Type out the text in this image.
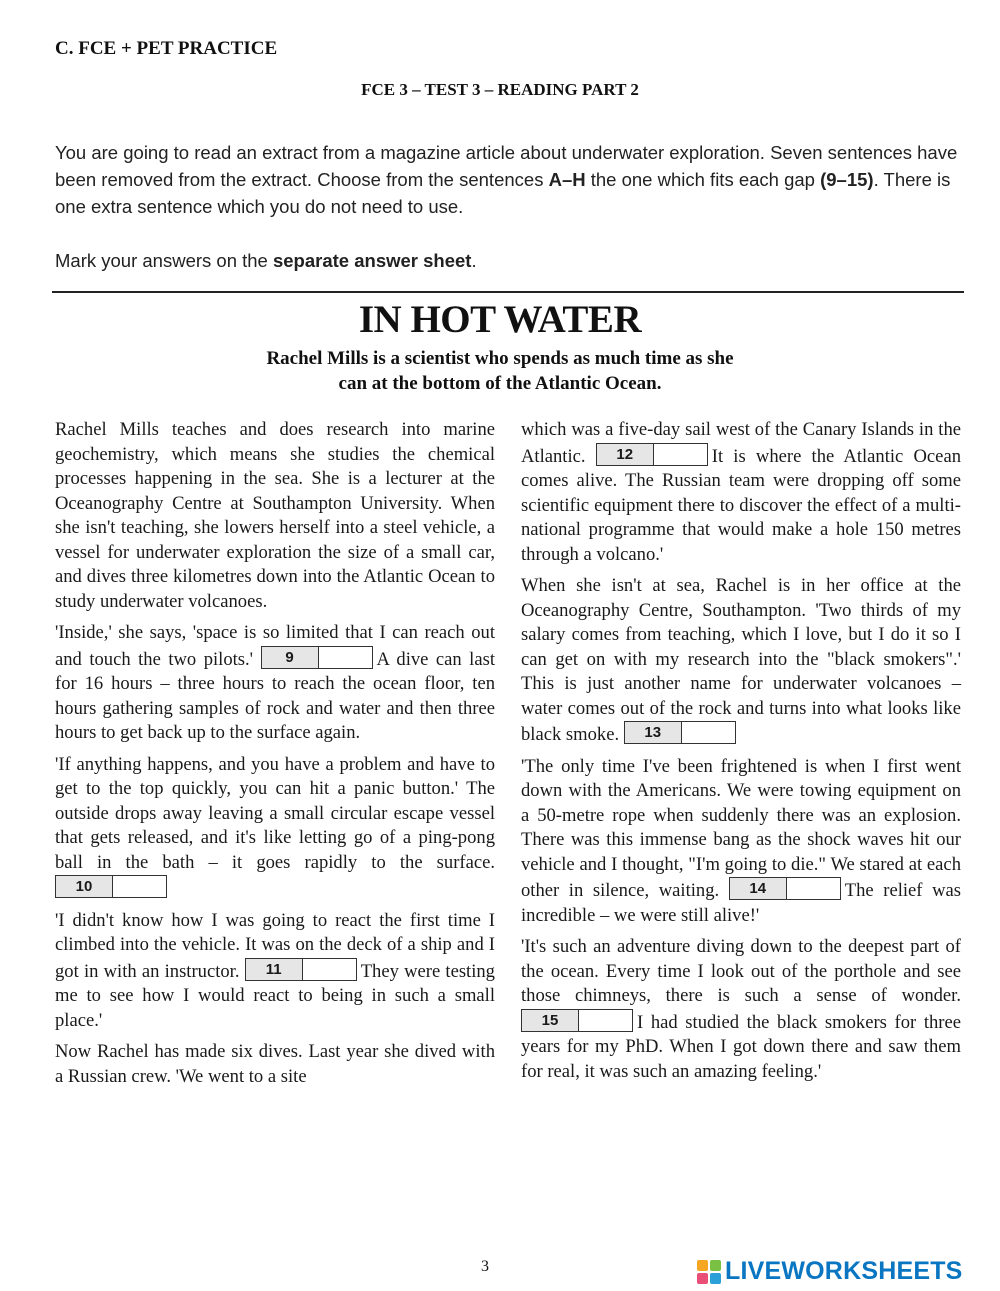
C. FCE + PET PRACTICE
FCE 3 – TEST 3 – READING PART 2

You are going to read an extract from a magazine article about underwater exploration. Seven sentences have been removed from the extract. Choose from the sentences A–H the one which fits each gap (9–15). There is one extra sentence which you do not need to use.

Mark your answers on the separate answer sheet.

IN HOT WATER
Rachel Mills is a scientist who spends as much time as she can at the bottom of the Atlantic Ocean.

Rachel Mills teaches and does research into marine geochemistry, which means she studies the chemical processes happening in the sea. She is a lecturer at the Oceanography Centre at Southampton University. When she isn't teaching, she lowers herself into a steel vehicle, a vessel for underwater exploration the size of a small car, and dives three kilometres down into the Atlantic Ocean to study underwater volcanoes.

'Inside,' she says, 'space is so limited that I can reach out and touch the two pilots.'	9	A dive can last for 16 hours – three hours to reach the ocean floor, ten hours gathering samples of rock and water and then three hours to get back up to the surface again.

'If anything happens, and you have a problem and have to get to the top quickly, you can hit a panic button.' The outside drops away leaving a small circular escape vessel that gets released, and it's like letting go of a ping-pong ball in the bath – it goes rapidly to the surface.
10

'I didn't know how I was going to react the first time I climbed into the vehicle. It was on the deck of a ship and I got in with an instructor.	11	They were testing me to see how I would react to being in such a small place.'

Now Rachel has made six dives. Last year she dived with a Russian crew. 'We went to a site

which was a five-day sail west of the Canary Islands in the Atlantic.	12	It is where the Atlantic Ocean comes alive. The Russian team were dropping off some scientific equipment there to discover the effect of a multi-national programme that would make a hole 150 metres through a volcano.'

When she isn't at sea, Rachel is in her office at the Oceanography Centre, Southampton. 'Two thirds of my salary comes from teaching, which I love, but I do it so I can get on with my research into the "black smokers".' This is just another name for underwater volcanoes – water comes out of the rock and turns into what looks like black smoke.	13

'The only time I've been frightened is when I first went down with the Americans. We were towing equipment on a 50-metre rope when suddenly there was an explosion. There was this immense bang as the shock waves hit our vehicle and I thought, "I'm going to die." We stared at each other in silence, waiting.	14	The relief was incredible – we were still alive!'

'It's such an adventure diving down to the deepest part of the ocean. Every time I look out of the porthole and see those chimneys, there is such a sense of wonder.
15	I had studied the black smokers for three years for my PhD. When I got down there and saw them for real, it was such an amazing feeling.'

3	LIVEWORKSHEETS
